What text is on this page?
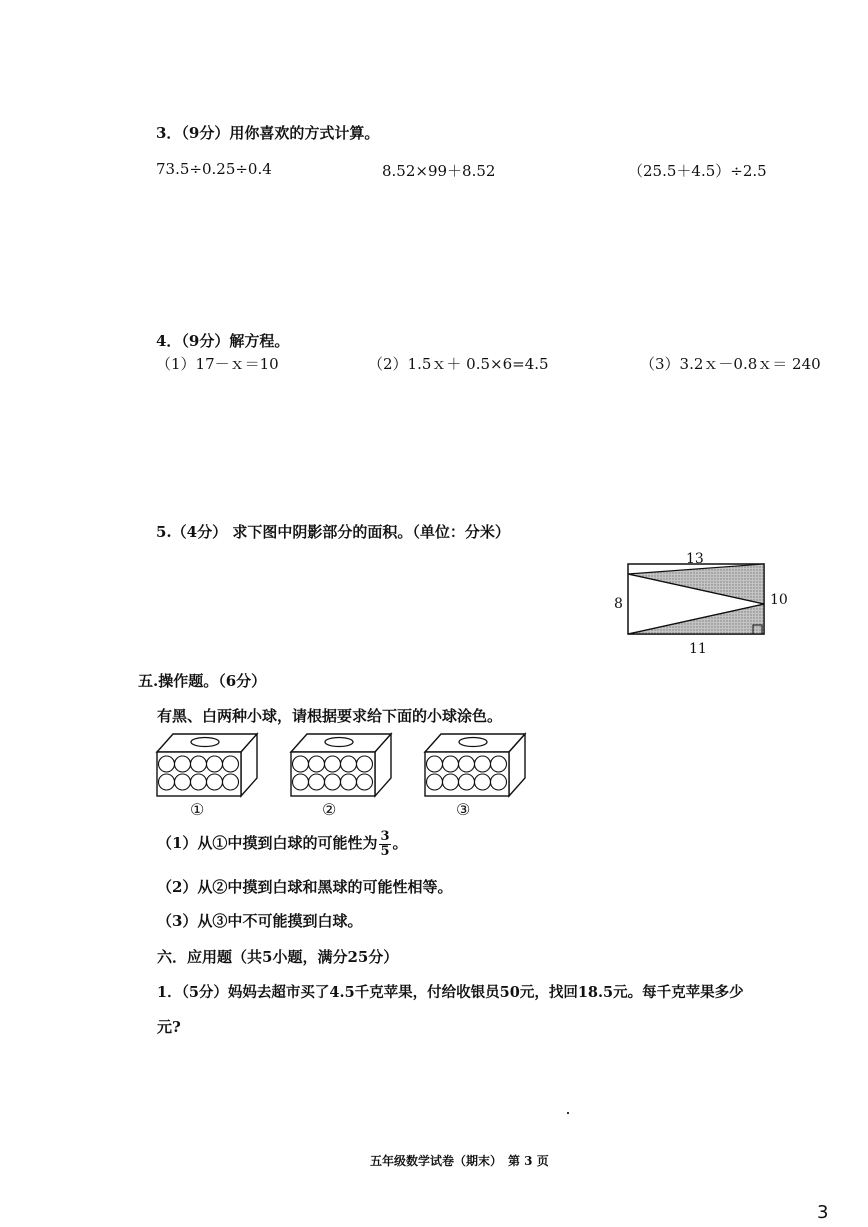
3．（9分）用你喜欢的方式计算。
73.5÷0.25÷0.4	8.52×99＋8.52	（25.5＋4.5）÷2.5
4．（9分）解方程。
（1）17－ｘ＝10	（2）1.5ｘ＋ 0.5×6=4.5	（3）3.2ｘ－0.8ｘ＝ 240
5.（4分） 求下图中阴影部分的面积。（单位：分米）
13
8	10
11
五.操作题。（6分）
有黑、白两种小球，请根据要求给下面的小球涂色。
①	②	③
（1）从①中摸到白球的可能性为 $\frac{3}{5}$ 。
（2）从②中摸到白球和黑球的可能性相等。
（3）从③中不可能摸到白球。
六．应用题（共5小题，满分25分）
1．（5分）妈妈去超市买了4.5千克苹果，付给收银员50元，找回18.5元。每千克苹果多少
元?
五年级数学试卷（期末）　第 3 页
3
